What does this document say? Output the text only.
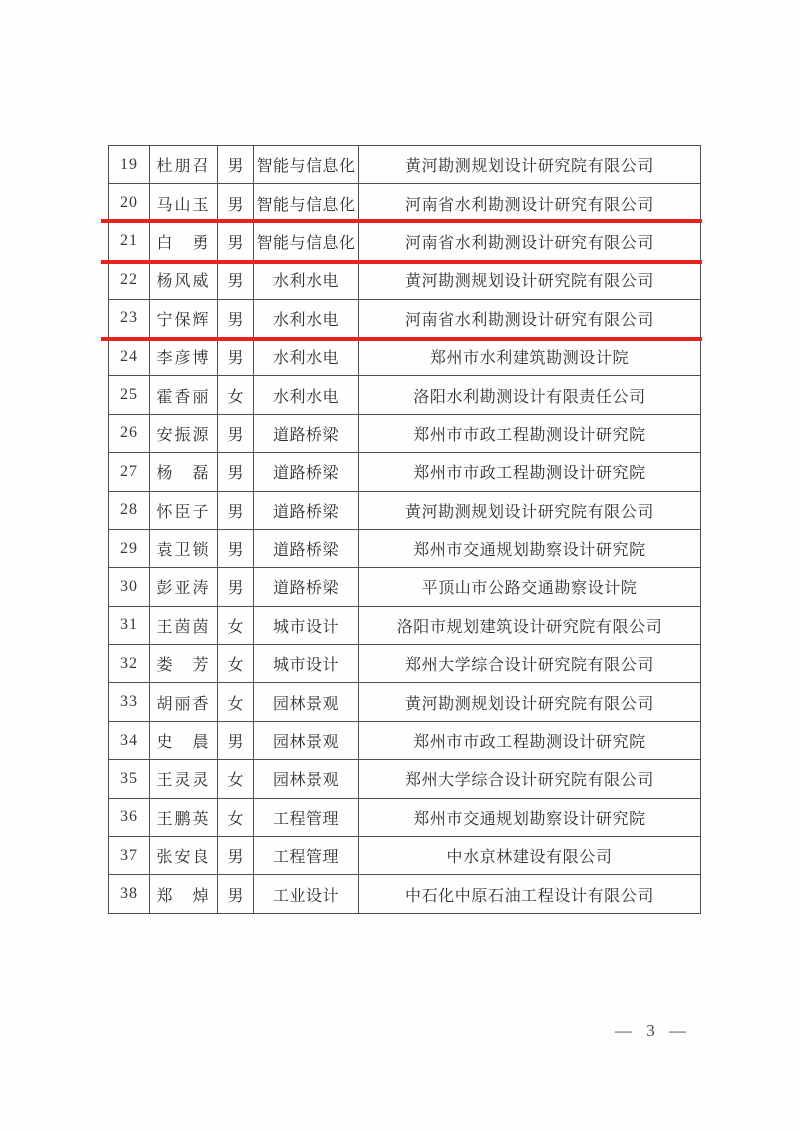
19	杜朋召	男	智能与信息化	黄河勘测规划设计研究院有限公司
20	马山玉	男	智能与信息化	河南省水利勘测设计研究有限公司
21	白　勇	男	智能与信息化	河南省水利勘测设计研究有限公司
22	杨风威	男	水利水电	黄河勘测规划设计研究院有限公司
23	宁保辉	男	水利水电	河南省水利勘测设计研究有限公司
24	李彦博	男	水利水电	郑州市水利建筑勘测设计院
25	霍香丽	女	水利水电	洛阳水利勘测设计有限责任公司
26	安振源	男	道路桥梁	郑州市市政工程勘测设计研究院
27	杨　磊	男	道路桥梁	郑州市市政工程勘测设计研究院
28	怀臣子	男	道路桥梁	黄河勘测规划设计研究院有限公司
29	袁卫锁	男	道路桥梁	郑州市交通规划勘察设计研究院
30	彭亚涛	男	道路桥梁	平顶山市公路交通勘察设计院
31	王茵茵	女	城市设计	洛阳市规划建筑设计研究院有限公司
32	娄　芳	女	城市设计	郑州大学综合设计研究院有限公司
33	胡丽香	女	园林景观	黄河勘测规划设计研究院有限公司
34	史　晨	男	园林景观	郑州市市政工程勘测设计研究院
35	王灵灵	女	园林景观	郑州大学综合设计研究院有限公司
36	王鹏英	女	工程管理	郑州市交通规划勘察设计研究院
37	张安良	男	工程管理	中水京林建设有限公司
38	郑　焯	男	工业设计	中石化中原石油工程设计有限公司
— 3 —
